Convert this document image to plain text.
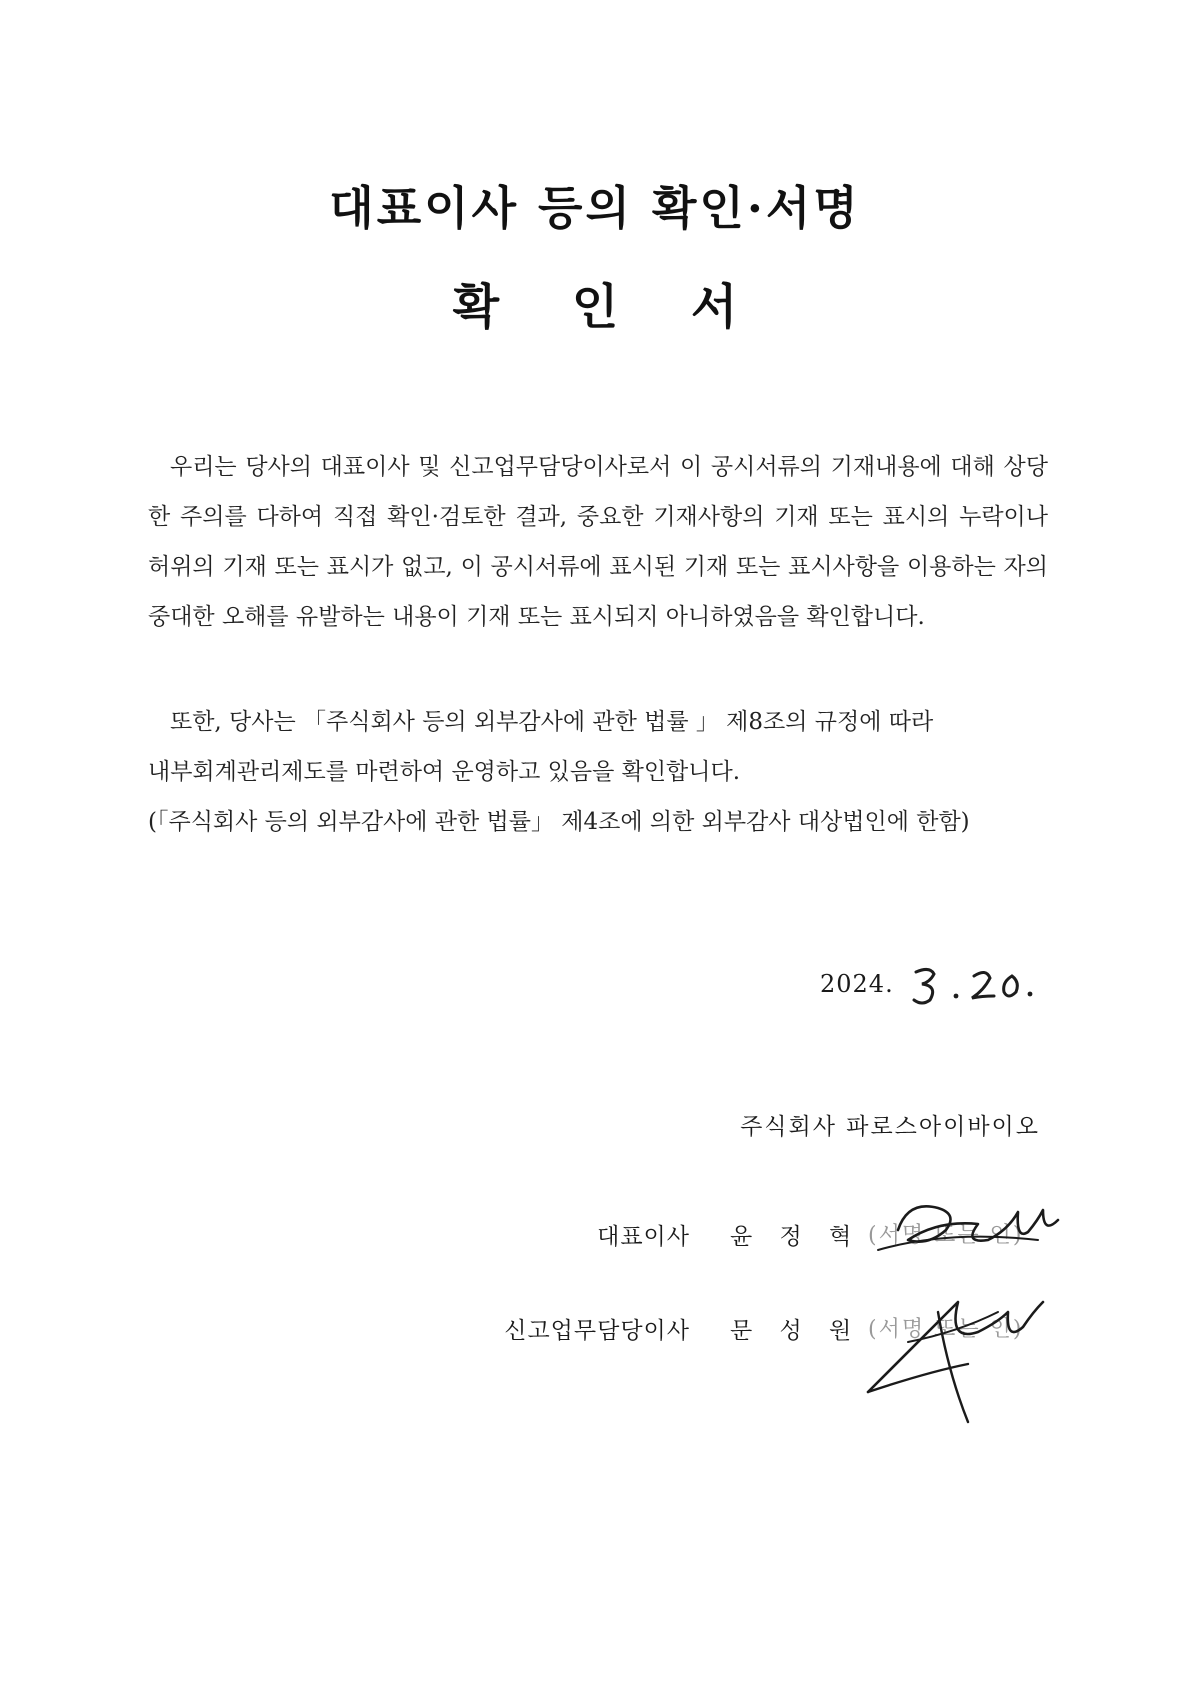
대표이사 등의 확인·서명
확 인 서
우리는 당사의 대표이사 및 신고업무담당이사로서 이 공시서류의 기재내용에 대해 상당한 주의를 다하여 직접 확인·검토한 결과, 중요한 기재사항의 기재 또는 표시의 누락이나 허위의 기재 또는 표시가 없고, 이 공시서류에 표시된 기재 또는 표시사항을 이용하는 자의 중대한 오해를 유발하는 내용이 기재 또는 표시되지 아니하였음을 확인합니다.
또한, 당사는 「주식회사 등의 외부감사에 관한 법률 」 제8조의 규정에 따라
내부회계관리제도를 마련하여 운영하고 있음을 확인합니다.
(「주식회사 등의 외부감사에 관한 법률」 제4조에 의한 외부감사 대상법인에 한함)
2024.
주식회사 파로스아이바이오
대표이사 윤 정 혁 (서명 또는 인)
신고업무담당이사 문 성 원 (서명 또는 인)
